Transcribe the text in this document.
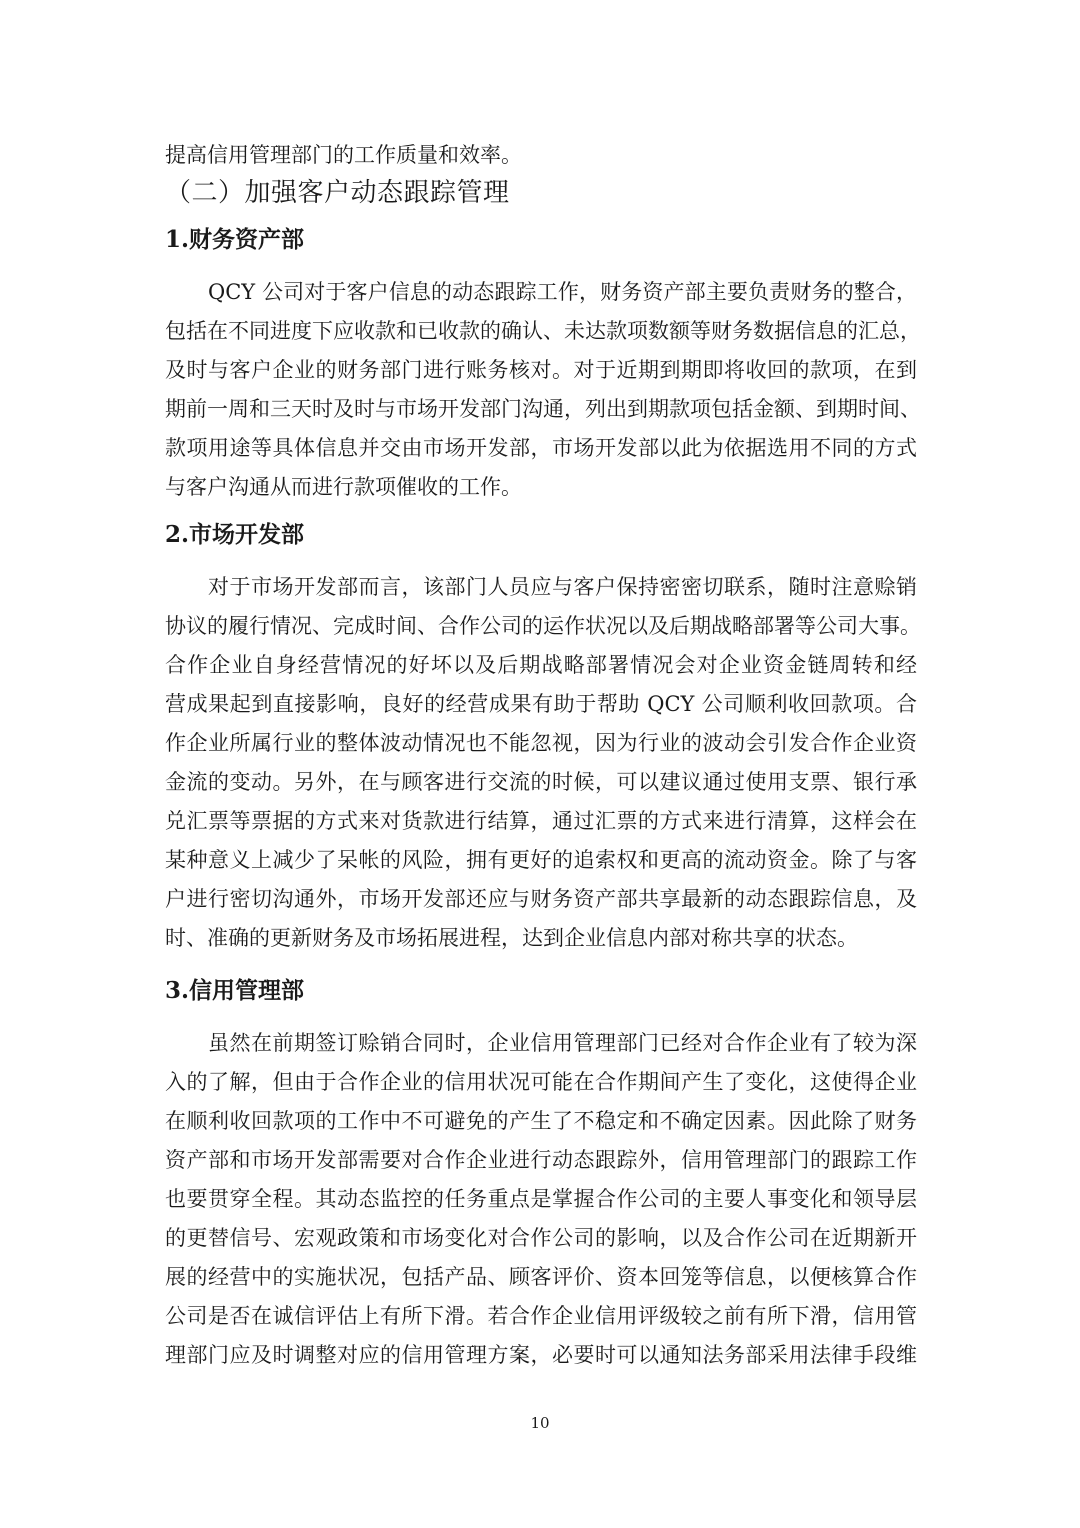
提高信用管理部门的工作质量和效率。
（二）加强客户动态跟踪管理
1.财务资产部
QCY 公司对于客户信息的动态跟踪工作，财务资产部主要负责财务的整合，
包括在不同进度下应收款和已收款的确认、未达款项数额等财务数据信息的汇总，
及时与客户企业的财务部门进行账务核对。对于近期到期即将收回的款项，在到
期前一周和三天时及时与市场开发部门沟通，列出到期款项包括金额、到期时间、
款项用途等具体信息并交由市场开发部，市场开发部以此为依据选用不同的方式
与客户沟通从而进行款项催收的工作。
2.市场开发部
对于市场开发部而言，该部门人员应与客户保持密密切联系，随时注意赊销
协议的履行情况、完成时间、合作公司的运作状况以及后期战略部署等公司大事。
合作企业自身经营情况的好坏以及后期战略部署情况会对企业资金链周转和经
营成果起到直接影响，良好的经营成果有助于帮助 QCY 公司顺利收回款项。合
作企业所属行业的整体波动情况也不能忽视，因为行业的波动会引发合作企业资
金流的变动。另外，在与顾客进行交流的时候，可以建议通过使用支票、银行承
兑汇票等票据的方式来对货款进行结算，通过汇票的方式来进行清算，这样会在
某种意义上减少了呆帐的风险，拥有更好的追索权和更高的流动资金。除了与客
户进行密切沟通外，市场开发部还应与财务资产部共享最新的动态跟踪信息，及
时、准确的更新财务及市场拓展进程，达到企业信息内部对称共享的状态。
3.信用管理部
虽然在前期签订赊销合同时，企业信用管理部门已经对合作企业有了较为深
入的了解，但由于合作企业的信用状况可能在合作期间产生了变化，这使得企业
在顺利收回款项的工作中不可避免的产生了不稳定和不确定因素。因此除了财务
资产部和市场开发部需要对合作企业进行动态跟踪外，信用管理部门的跟踪工作
也要贯穿全程。其动态监控的任务重点是掌握合作公司的主要人事变化和领导层
的更替信号、宏观政策和市场变化对合作公司的影响，以及合作公司在近期新开
展的经营中的实施状况，包括产品、顾客评价、资本回笼等信息，以便核算合作
公司是否在诚信评估上有所下滑。若合作企业信用评级较之前有所下滑，信用管
理部门应及时调整对应的信用管理方案，必要时可以通知法务部采用法律手段维
10
